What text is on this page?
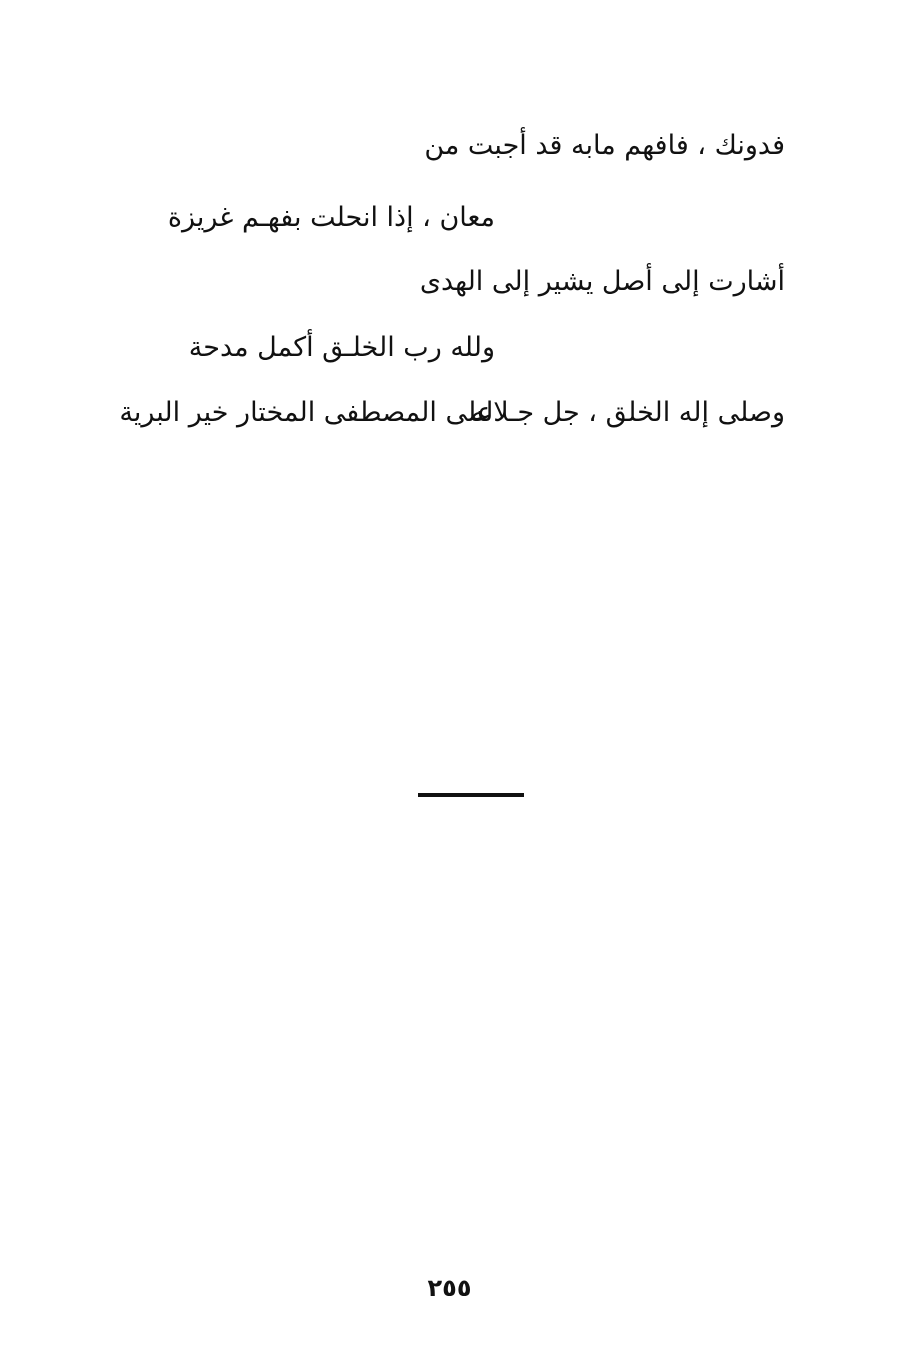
فدونك ، فافهم مابه قد أجبت من
معان ، إذا انحلت بفهـم غريزة
أشارت إلى أصل يشير إلى الهدى
ولله رب الخلـق أكمل مدحة
وصلى إله الخلق ، جل جـلاله
على المصطفى المختار خير البرية
٢٥٥
